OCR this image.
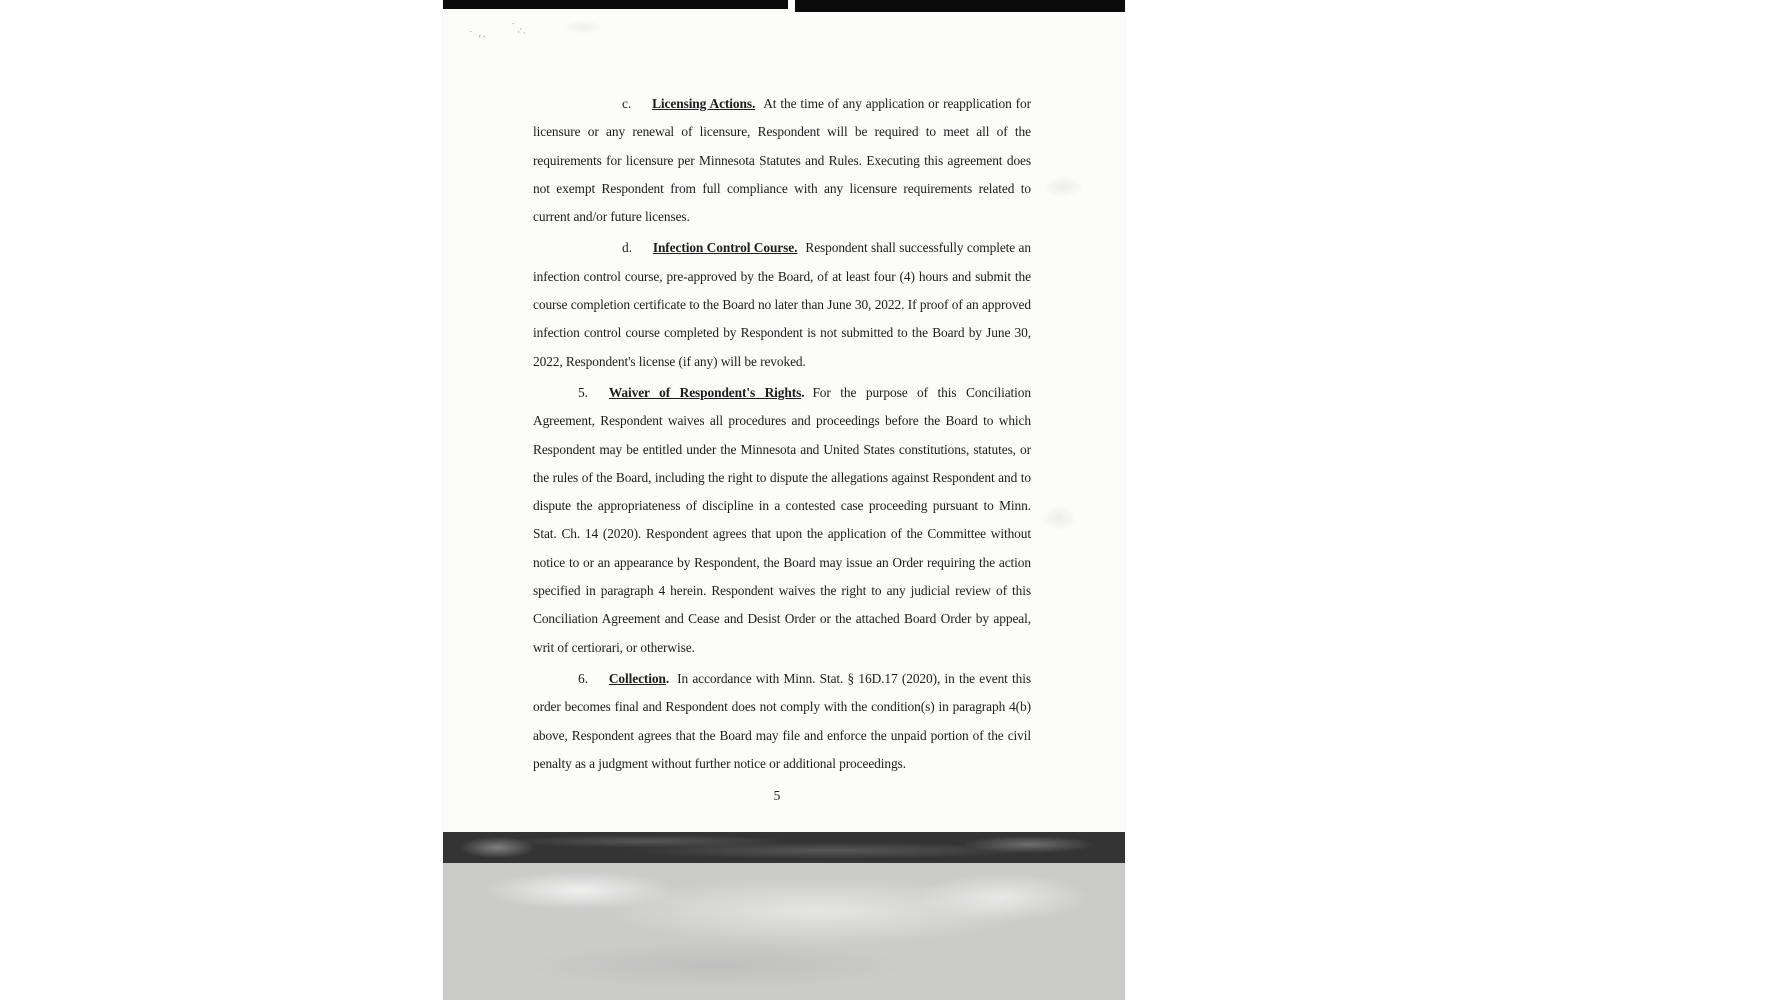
· ,. · :·

c. Licensing Actions. At the time of any application or reapplication for licensure or any renewal of licensure, Respondent will be required to meet all of the requirements for licensure per Minnesota Statutes and Rules. Executing this agreement does not exempt Respondent from full compliance with any licensure requirements related to current and/or future licenses.

d. Infection Control Course. Respondent shall successfully complete an infection control course, pre-approved by the Board, of at least four (4) hours and submit the course completion certificate to the Board no later than June 30, 2022. If proof of an approved infection control course completed by Respondent is not submitted to the Board by June 30, 2022, Respondent's license (if any) will be revoked.

5. Waiver of Respondent's Rights. For the purpose of this Conciliation Agreement, Respondent waives all procedures and proceedings before the Board to which Respondent may be entitled under the Minnesota and United States constitutions, statutes, or the rules of the Board, including the right to dispute the allegations against Respondent and to dispute the appropriateness of discipline in a contested case proceeding pursuant to Minn. Stat. Ch. 14 (2020). Respondent agrees that upon the application of the Committee without notice to or an appearance by Respondent, the Board may issue an Order requiring the action specified in paragraph 4 herein. Respondent waives the right to any judicial review of this Conciliation Agreement and Cease and Desist Order or the attached Board Order by appeal, writ of certiorari, or otherwise.

6. Collection. In accordance with Minn. Stat. § 16D.17 (2020), in the event this order becomes final and Respondent does not comply with the condition(s) in paragraph 4(b) above, Respondent agrees that the Board may file and enforce the unpaid portion of the civil penalty as a judgment without further notice or additional proceedings.

5
